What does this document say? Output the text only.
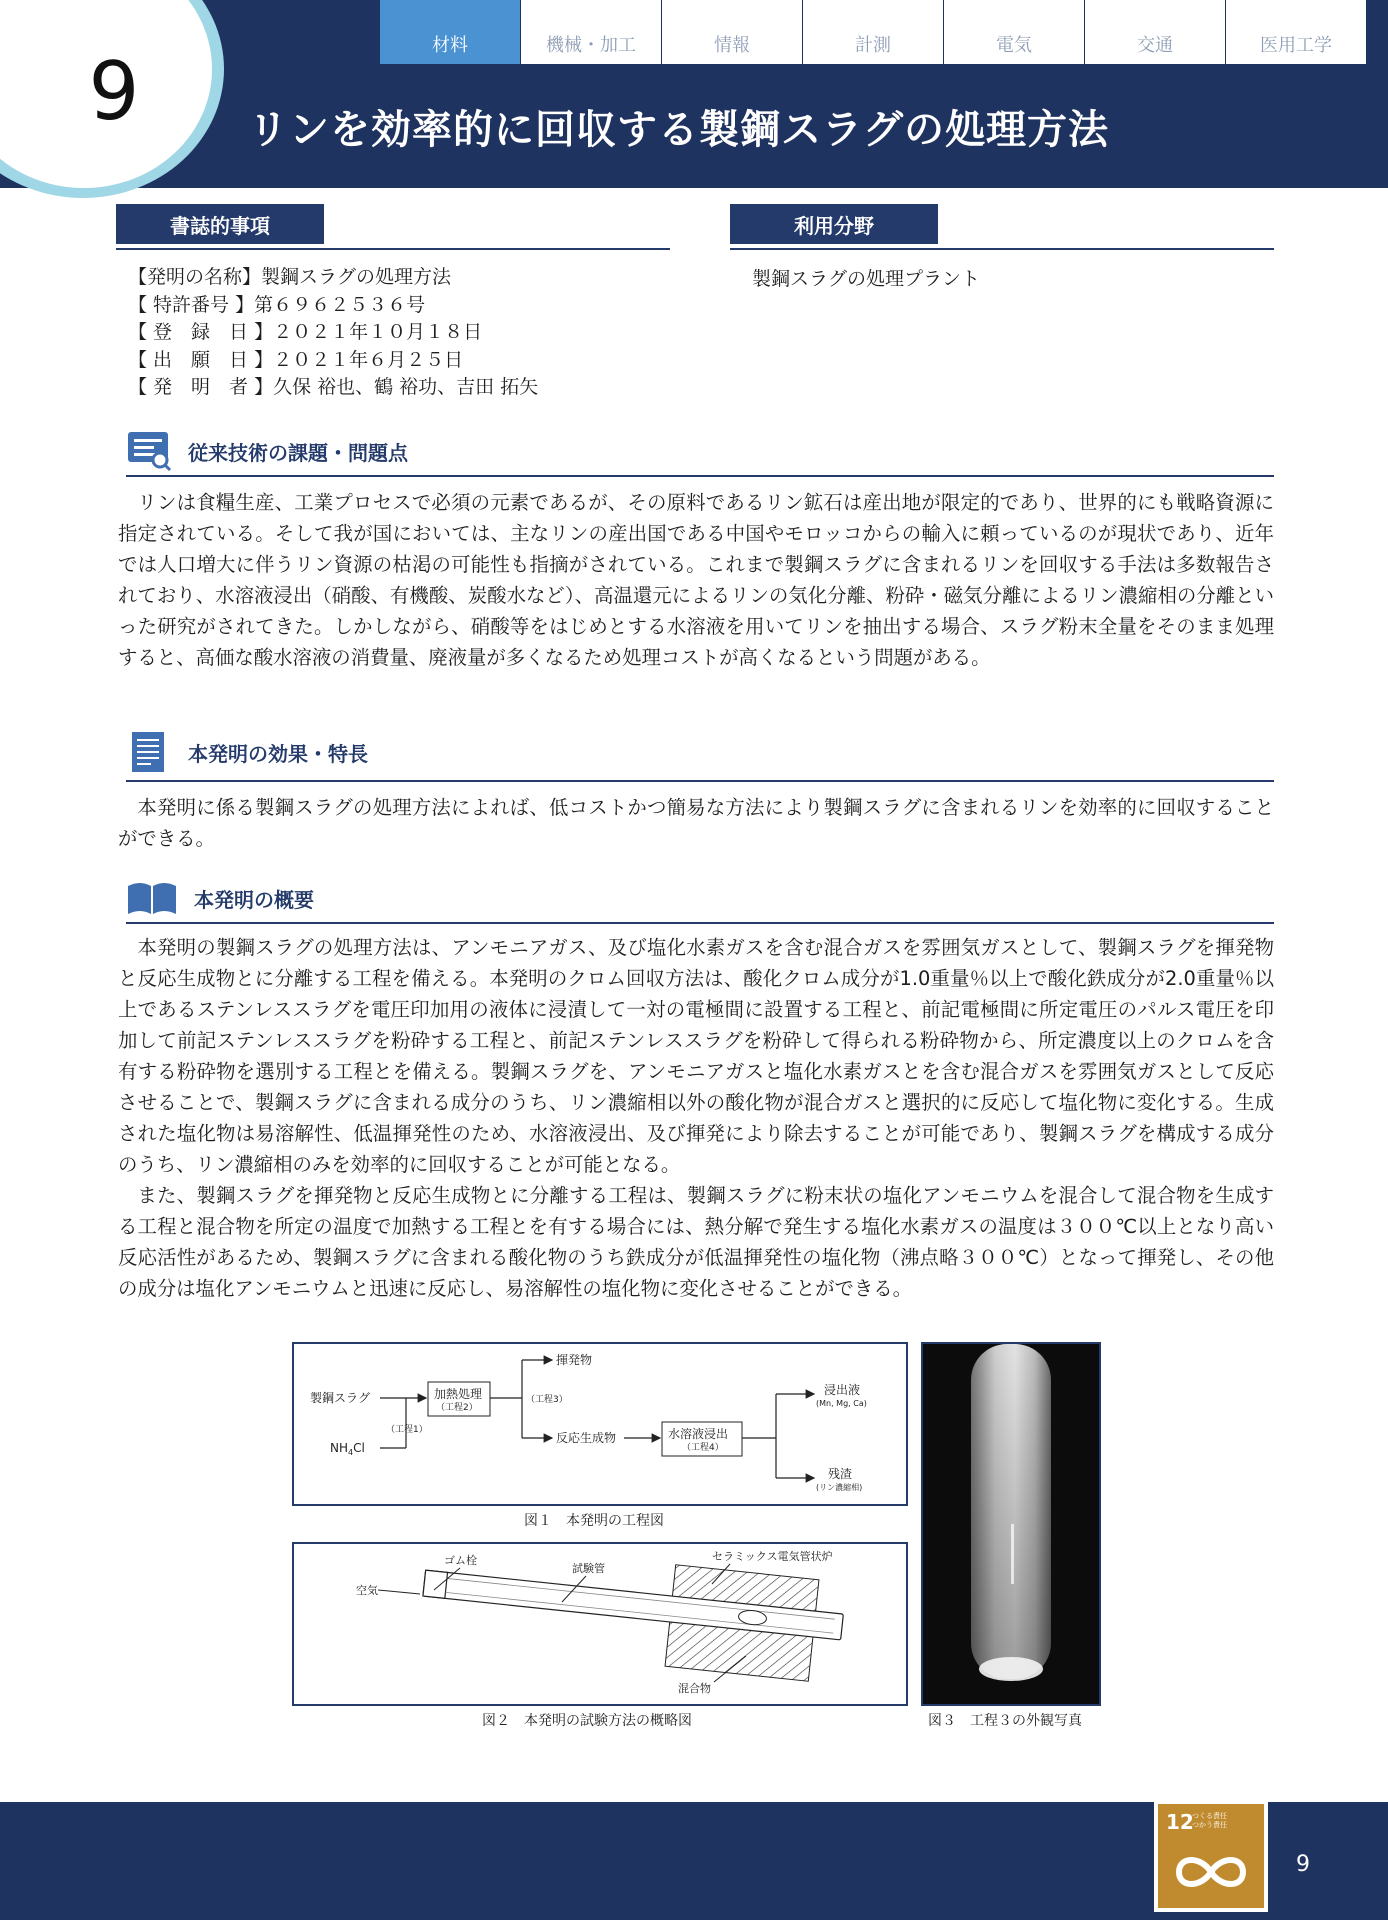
9	材料	機械・加工	情報	計測	電気	交通	医用工学
リンを効率的に回収する製鋼スラグの処理方法
書誌的事項
【発明の名称】製鋼スラグの処理方法
【 特許番号 】第６９６２５３６号
【 登　録　日 】２０２１年１０月１８日
【 出　願　日 】２０２１年６月２５日
【 発　明　者 】久保 裕也、鶴 裕功、吉田 拓矢
利用分野
製鋼スラグの処理プラント
従来技術の課題・問題点

リンは食糧生産、工業プロセスで必須の元素であるが、その原料であるリン鉱石は産出地が限定的であり、世界的にも戦略資源に指定されている。そして我が国においては、主なリンの産出国である中国やモロッコからの輸入に頼っているのが現状であり、近年では人口増大に伴うリン資源の枯渇の可能性も指摘がされている。これまで製鋼スラグに含まれるリンを回収する手法は多数報告されており、水溶液浸出（硝酸、有機酸、炭酸水など）、高温還元によるリンの気化分離、粉砕・磁気分離によるリン濃縮相の分離といった研究がされてきた。しかしながら、硝酸等をはじめとする水溶液を用いてリンを抽出する場合、スラグ粉末全量をそのまま処理すると、高価な酸水溶液の消費量、廃液量が多くなるため処理コストが高くなるという問題がある。

本発明の効果・特長

本発明に係る製鋼スラグの処理方法によれば、低コストかつ簡易な方法により製鋼スラグに含まれるリンを効率的に回収することができる。

本発明の概要

本発明の製鋼スラグの処理方法は、アンモニアガス、及び塩化水素ガスを含む混合ガスを雰囲気ガスとして、製鋼スラグを揮発物と反応生成物とに分離する工程を備える。本発明のクロム回収方法は、酸化クロム成分が1.0重量％以上で酸化鉄成分が2.0重量％以上であるステンレススラグを電圧印加用の液体に浸漬して一対の電極間に設置する工程と、前記電極間に所定電圧のパルス電圧を印加して前記ステンレススラグを粉砕する工程と、前記ステンレススラグを粉砕して得られる粉砕物から、所定濃度以上のクロムを含有する粉砕物を選別する工程とを備える。製鋼スラグを、アンモニアガスと塩化水素ガスとを含む混合ガスを雰囲気ガスとして反応させることで、製鋼スラグに含まれる成分のうち、リン濃縮相以外の酸化物が混合ガスと選択的に反応して塩化物に変化する。生成された塩化物は易溶解性、低温揮発性のため、水溶液浸出、及び揮発により除去することが可能であり、製鋼スラグを構成する成分のうち、リン濃縮相のみを効率的に回収することが可能となる。

また、製鋼スラグを揮発物と反応生成物とに分離する工程は、製鋼スラグに粉末状の塩化アンモニウムを混合して混合物を生成する工程と混合物を所定の温度で加熱する工程とを有する場合には、熱分解で発生する塩化水素ガスの温度は３００℃以上となり高い反応活性があるため、製鋼スラグに含まれる酸化物のうち鉄成分が低温揮発性の塩化物（沸点略３００℃）となって揮発し、その他の成分は塩化アンモニウムと迅速に反応し、易溶解性の塩化物に変化させることができる。

製鋼スラグ
$NH_4Cl$
（工程1）
加熱処理
（工程2）
（工程3）
揮発物
反応生成物	水溶液浸出
（工程4）
浸出液
(Mn, Mg, Ca)
残渣
(リン濃縮相)
図１　本発明の工程図
空気
ゴム栓
試験管
セラミックス電気管状炉
混合物
図２　本発明の試験方法の概略図	図３　工程３の外観写真
12
つくる責任
つかう責任
9
